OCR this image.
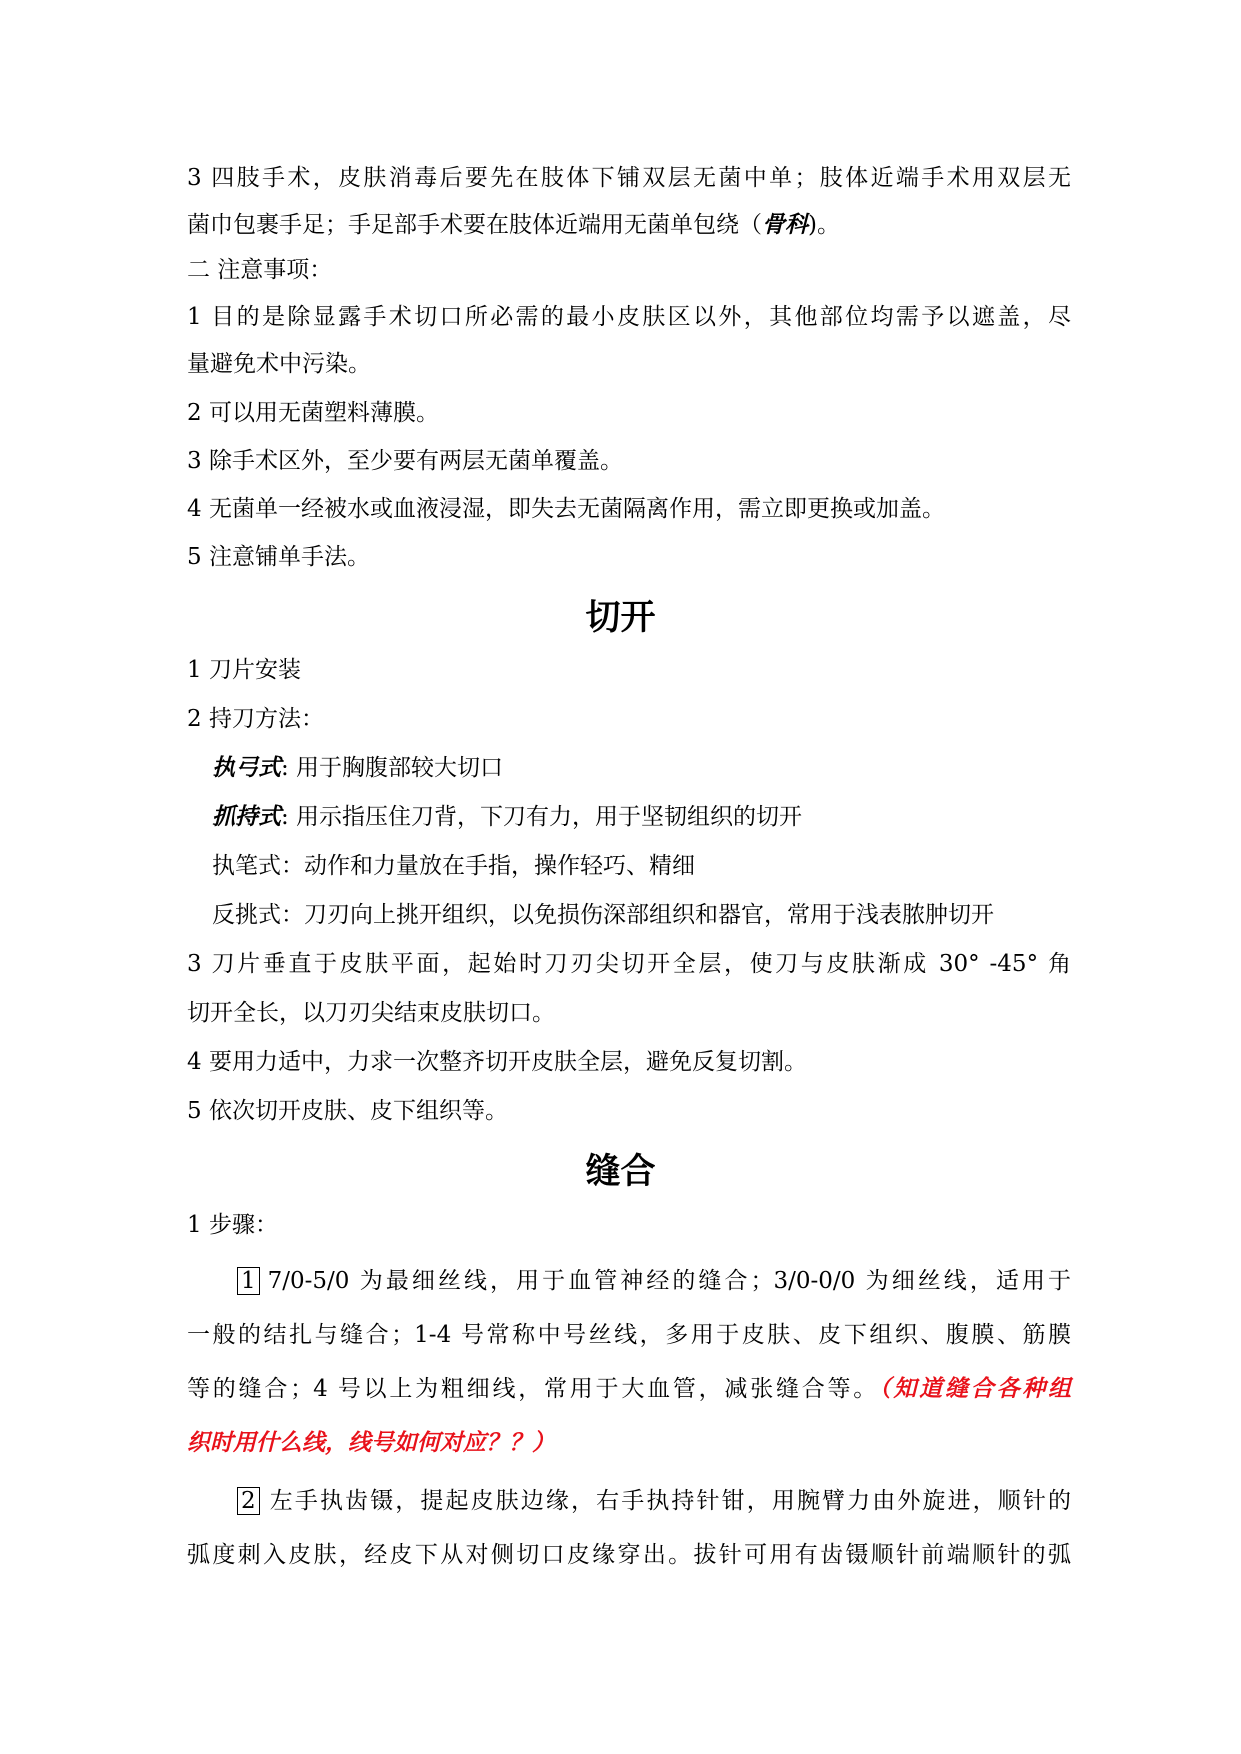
3 四肢手术，皮肤消毒后要先在肢体下铺双层无菌中单；肢体近端手术用双层无
菌巾包裹手足；手足部手术要在肢体近端用无菌单包绕（骨科)。
二 注意事项：
1 目的是除显露手术切口所必需的最小皮肤区以外，其他部位均需予以遮盖，尽
量避免术中污染。
2 可以用无菌塑料薄膜。
3 除手术区外，至少要有两层无菌单覆盖。
4 无菌单一经被水或血液浸湿，即失去无菌隔离作用，需立即更换或加盖。
5 注意铺单手法。
切开
1 刀片安装
2 持刀方法：
执弓式: 用于胸腹部较大切口
抓持式: 用示指压住刀背，下刀有力，用于坚韧组织的切开
执笔式：动作和力量放在手指，操作轻巧、精细
反挑式：刀刃向上挑开组织，以免损伤深部组织和器官，常用于浅表脓肿切开
3 刀片垂直于皮肤平面，起始时刀刃尖切开全层，使刀与皮肤渐成 30° -45° 角
切开全长，以刀刃尖结束皮肤切口。
4 要用力适中，力求一次整齐切开皮肤全层，避免反复切割。
5 依次切开皮肤、皮下组织等。
缝合
1 步骤：
1 7/0-5/0 为最细丝线，用于血管神经的缝合；3/0-0/0 为细丝线，适用于
一般的结扎与缝合；1-4 号常称中号丝线，多用于皮肤、皮下组织、腹膜、筋膜
等的缝合；4 号以上为粗细线，常用于大血管，减张缝合等。（知道缝合各种组
织时用什么线，线号如何对应？？）
2 左手执齿镊，提起皮肤边缘，右手执持针钳，用腕臂力由外旋进，顺针的
弧度刺入皮肤，经皮下从对侧切口皮缘穿出。拔针可用有齿镊顺针前端顺针的弧
